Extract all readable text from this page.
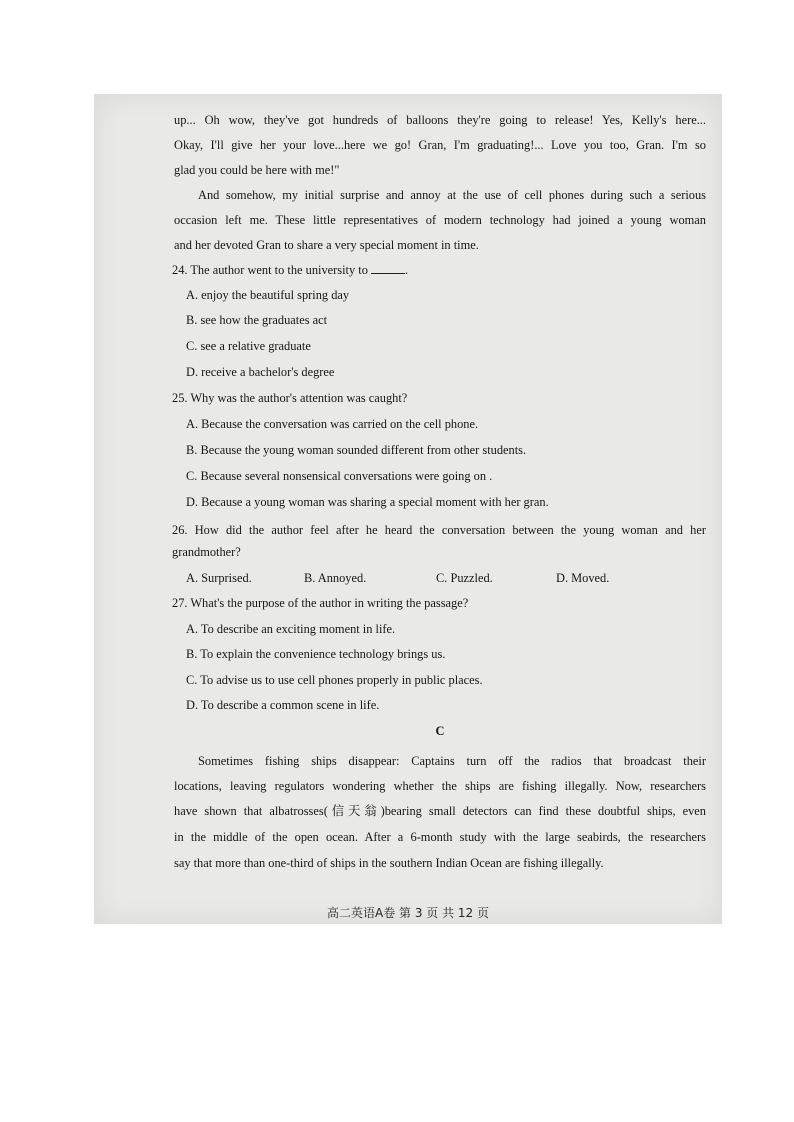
up... Oh wow, they've got hundreds of balloons they're going to release! Yes, Kelly's here...
Okay, I'll give her your love...here we go! Gran, I'm graduating!... Love you too, Gran. I'm so
glad you could be here with me!"
And somehow, my initial surprise and annoy at the use of cell phones during such a serious
occasion left me. These little representatives of modern technology had joined a young woman
and her devoted Gran to share a very special moment in time.
24. The author went to the university to	.
A. enjoy the beautiful spring day
B. see how the graduates act
C. see a relative graduate
D. receive a bachelor's degree
25. Why was the author's attention was caught?
A. Because the conversation was carried on the cell phone.
B. Because the young woman sounded different from other students.
C. Because several nonsensical conversations were going on .
D. Because a young woman was sharing a special moment with her gran.
26. How did the author feel after he heard the conversation between the young woman and her
grandmother?
A. Surprised.	B. Annoyed.	C. Puzzled.	D. Moved.
27. What's the purpose of the author in writing the passage?
A. To describe an exciting moment in life.
B. To explain the convenience technology brings us.
C. To advise us to use cell phones properly in public places.
D. To describe a common scene in life.
C
Sometimes fishing ships disappear: Captains turn off the radios that broadcast their
locations, leaving regulators wondering whether the ships are fishing illegally. Now, researchers
have shown that albatrosses(信天翁)bearing small detectors can find these doubtful ships, even
in the middle of the open ocean. After a 6-month study with the large seabirds, the researchers
say that more than one-third of ships in the southern Indian Ocean are fishing illegally.
高二英语A卷 第 3 页 共 12 页
